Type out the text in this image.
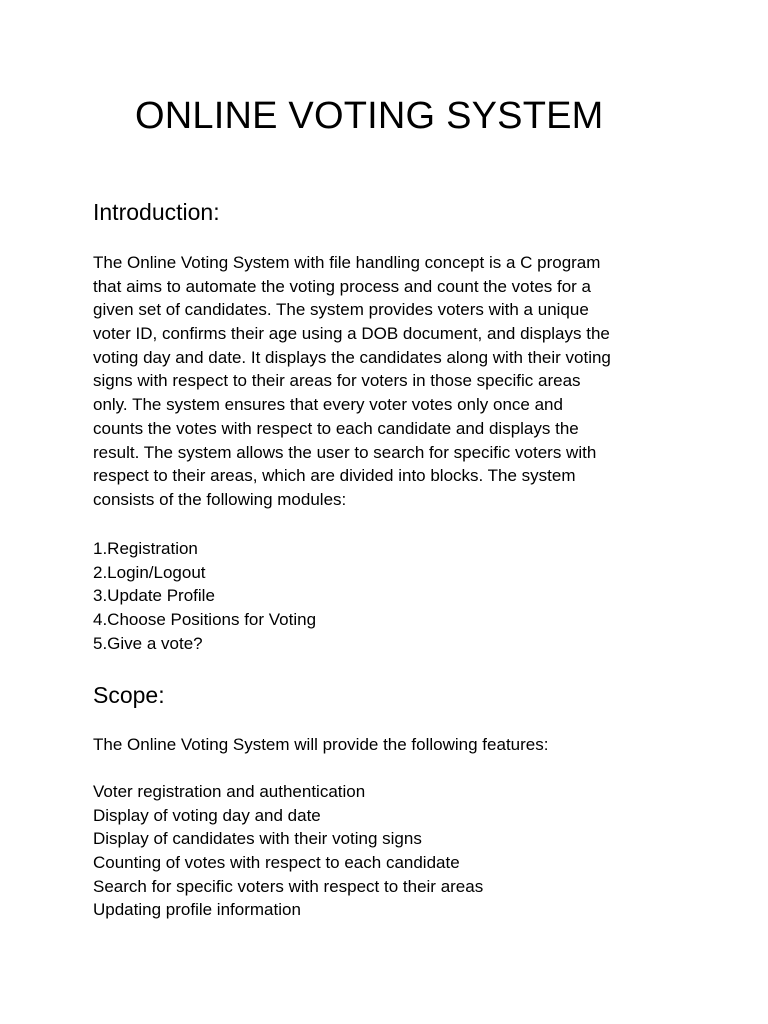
ONLINE VOTING SYSTEM
Introduction:
The Online Voting System with file handling concept is a C program
that aims to automate the voting process and count the votes for a
given set of candidates. The system provides voters with a unique
voter ID, confirms their age using a DOB document, and displays the
voting day and date. It displays the candidates along with their voting
signs with respect to their areas for voters in those specific areas
only. The system ensures that every voter votes only once and
counts the votes with respect to each candidate and displays the
result. The system allows the user to search for specific voters with
respect to their areas, which are divided into blocks. The system
consists of the following modules:
1.Registration
2.Login/Logout
3.Update Profile
4.Choose Positions for Voting
5.Give a vote?
Scope:

The Online Voting System will provide the following features:

Voter registration and authentication
Display of voting day and date
Display of candidates with their voting signs
Counting of votes with respect to each candidate
Search for specific voters with respect to their areas
Updating profile information
